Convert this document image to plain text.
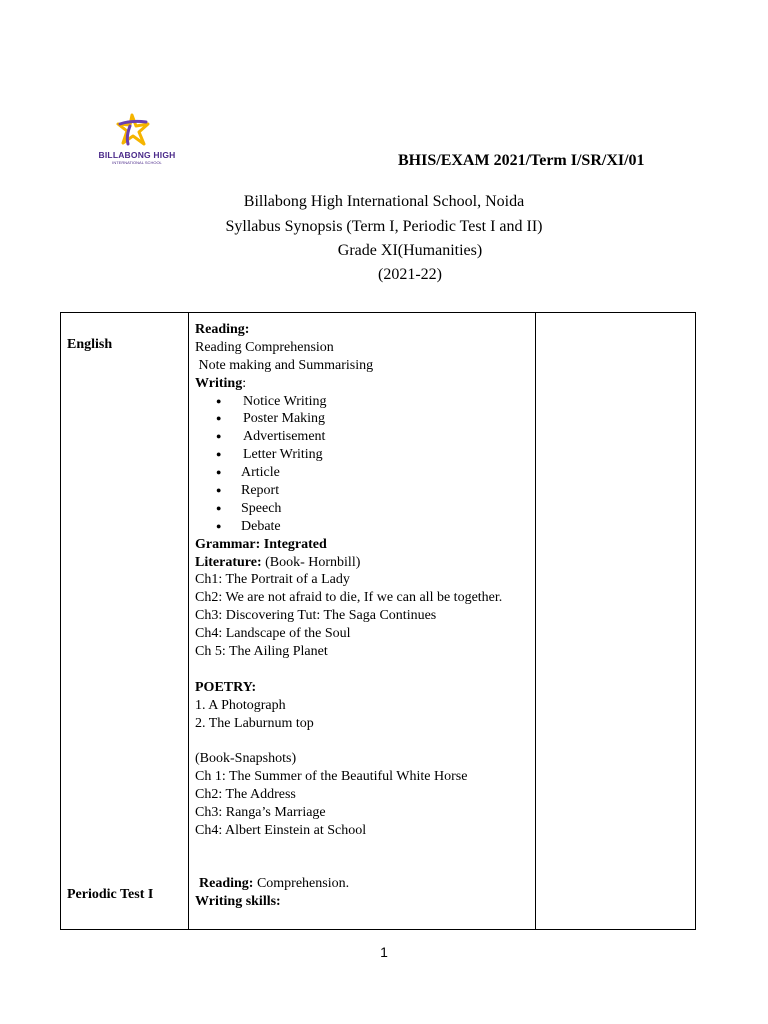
BILLABONG HIGH
INTERNATIONAL SCHOOL	BHIS/EXAM 2021/Term I/SR/XI/01
Billabong High International School, Noida
Syllabus Synopsis (Term I, Periodic Test I and II)
Grade XI(Humanities)
(2021-22)
English
Periodic Test I
Reading:
Reading Comprehension
Note making and Summarising
Writing:
● Notice Writing
● Poster Making
● Advertisement
● Letter Writing
● Article
● Report
● Speech
● Debate
Grammar: Integrated
Literature: (Book- Hornbill)
Ch1: The Portrait of a Lady
Ch2: We are not afraid to die, If we can all be together.
Ch3: Discovering Tut: The Saga Continues
Ch4: Landscape of the Soul
Ch 5: The Ailing Planet
POETRY:
1. A Photograph
2. The Laburnum top
(Book-Snapshots)
Ch 1: The Summer of the Beautiful White Horse
Ch2: The Address
Ch3: Ranga’s Marriage
Ch4: Albert Einstein at School
Reading: Comprehension.
Writing skills:
1
